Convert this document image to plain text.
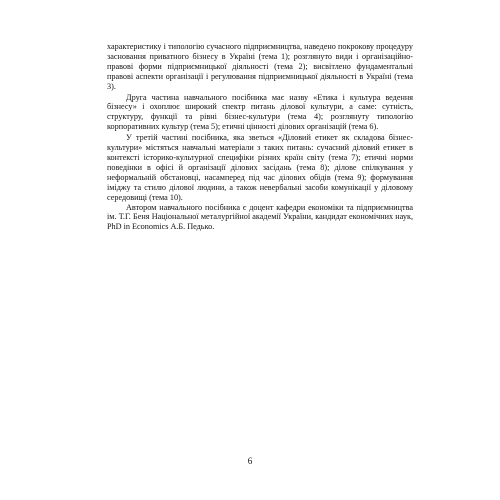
характеристику і типологію сучасного підприємництва, наведено покрокову процедуру засновання приватного бізнесу в Україні (тема 1); розглянуто види і організаційно-правові форми підприємницької діяльності (тема 2); висвітлено фундаментальні правові аспекти організації і регулювання підприємницької діяльності в Україні (тема 3).

Друга частина навчального посібника має назву «Етика і культура ведення бізнесу» і охоплює широкий спектр питань ділової культури, а саме: сутність, структуру, функції та рівні бізнес-культури (тема 4); розглянуту типологію корпоративних культур (тема 5); етичні цінності ділових організацій (тема 6).

У третій частині посібника, яка зветься «Діловий етикет як складова бізнес-культури» містяться навчальні матеріали з таких питань: сучасний діловий етикет в контексті історико-культурної специфіки різних країн світу (тема 7); етичні норми поведінки в офісі й організації ділових засідань (тема 8); ділове спілкування у неформальній обстановці, насамперед під час ділових обідів (тема 9); формування іміджу та стилю ділової людини, а також невербальні засоби комунікації у діловому середовищі (тема 10).

Автором навчального посібника є доцент кафедри економіки та підприємництва ім. Т.Г. Беня Національної металургійної академії України, кандидат економічних наук, PhD in Economics А.Б. Педько.

6
